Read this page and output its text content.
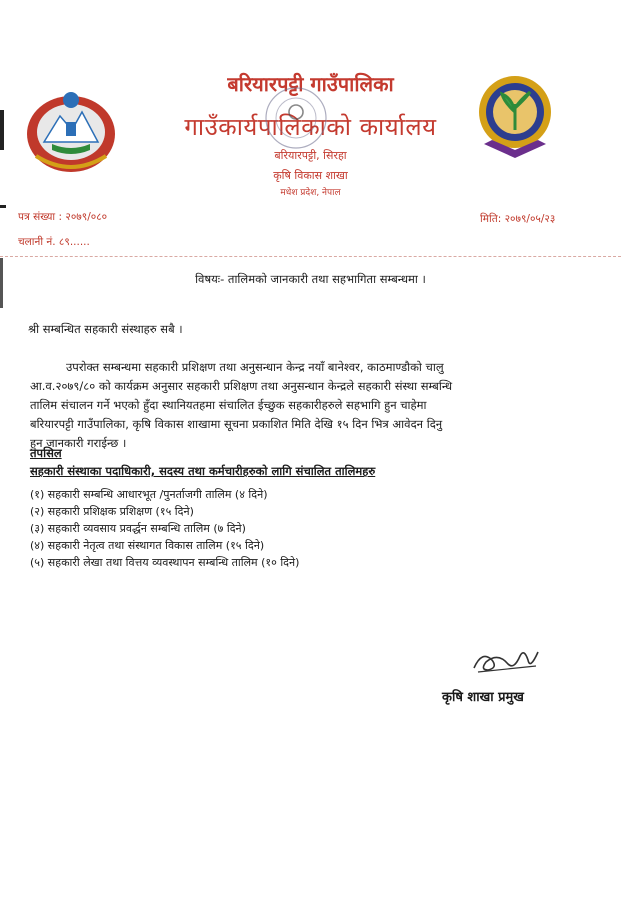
बरियारपट्टी गाउँपालिका
गाउँकार्यपालिकाको कार्यालय
बरियारपट्टी, सिरहा
कृषि विकास शाखा
मधेश प्रदेश, नेपाल
पत्र संख्या : २०७९/०८०
चलानी नं. ८९......
मिति: २०७९/०५/२३
विषयः- तालिमको जानकारी तथा सहभागिता सम्बन्धमा ।
श्री सम्बन्धित सहकारी संस्थाहरु सबै ।
उपरोक्त सम्बन्धमा सहकारी प्रशिक्षण तथा अनुसन्धान केन्द्र नयाँ बानेश्वर, काठमाण्डौको चालु
आ.व.२०७९/८० को कार्यक्रम अनुसार सहकारी प्रशिक्षण तथा अनुसन्धान केन्द्रले सहकारी संस्था सम्बन्धि
तालिम संचालन गर्ने भएको हुँदा स्थानियतहमा संचालित ईच्छुक सहकारीहरुले सहभागि हुन चाहेमा
बरियारपट्टी गाउँपालिका, कृषि विकास शाखामा सूचना प्रकाशित मिति देखि १५ दिन भित्र आवेदन दिनु
हुन जानकारी गराईन्छ ।
तपसिल
सहकारी संस्थाका पदाधिकारी, सदस्य तथा कर्मचारीहरुको लागि संचालित तालिमहरु
(१) सहकारी सम्बन्धि आधारभूत /पुनर्ताजगी तालिम (४ दिने)
(२) सहकारी प्रशिक्षक प्रशिक्षण (१५ दिने)
(३) सहकारी व्यवसाय प्रवर्द्धन सम्बन्धि तालिम (७ दिने)
(४) सहकारी नेतृत्व तथा संस्थागत विकास तालिम (१५ दिने)
(५) सहकारी लेखा तथा वित्तय व्यवस्थापन सम्बन्धि तालिम (१० दिने)
कृषि शाखा प्रमुख
